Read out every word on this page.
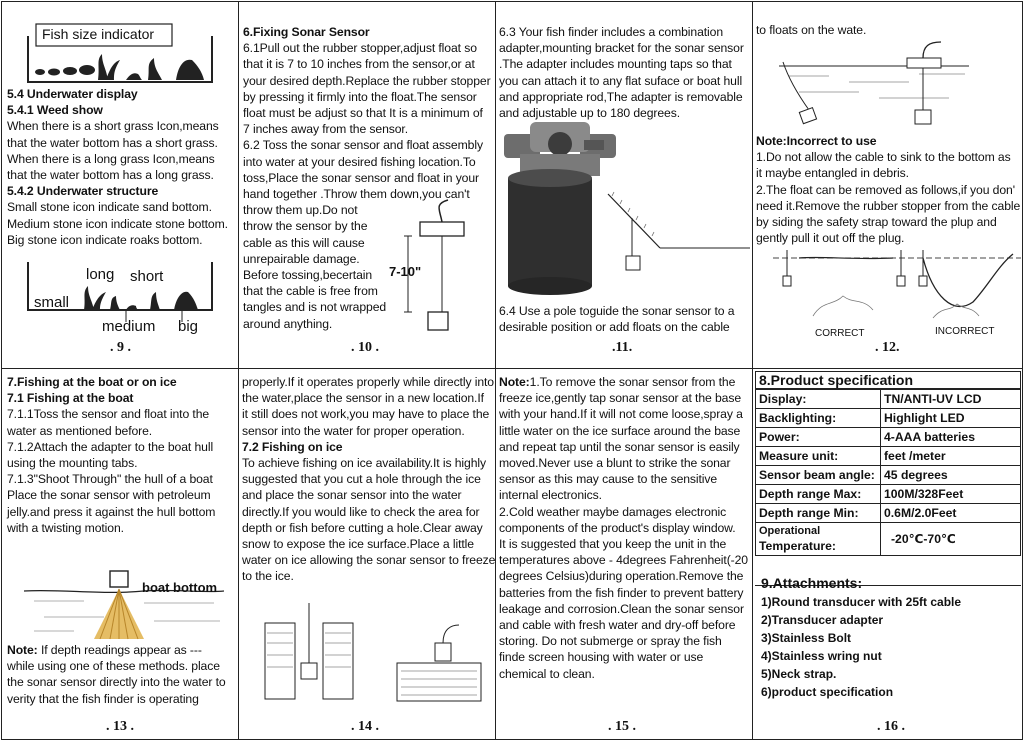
Fish size indicator
5.4 Underwater display
5.4.1 Weed show
When there is a short grass Icon,means
that the water bottom has a short grass.
When there is a long grass Icon,means
that the water bottom has a long grass.
5.4.2 Underwater structure
Small stone icon indicate sand bottom.
Medium stone icon indicate stone bottom.
Big stone icon indicate roaks bottom.
long short
small
medium big
. 9 .
6.Fixing Sonar Sensor
6.1Pull out the rubber stopper,adjust float so
that it is 7 to 10 inches from the sensor,or at
your desired depth.Replace the rubber stopper
by pressing it firmly into the float.The sensor
float must be adjust so that It is a minimum of
7 inches away from the sensor.
6.2 Toss the sonar sensor and float assembly
into water at your desired fishing location.To
toss,Place the sonar sensor and float in your
hand together .Throw them down,you can't
throw them up.Do not
throw the sensor by the
cable as this will cause
unrepairable damage.
Before tossing,becertain
that the cable is free from
tangles and is not wrapped
around anything.
7-10"
. 10 .
6.3 Your fish finder includes a combination
adapter,mounting bracket for the sonar sensor
.The adapter includes mounting taps so that
you can attach it to any flat suface or boat hull
and appropriate rod,The adapter is removable
and adjustable up to 180 degrees.
6.4 Use a pole toguide the sonar sensor to a
desirable position or add floats on the cable
.11.
to floats on the wate.
Note:Incorrect to use
1.Do not allow the cable to sink to the bottom as
it maybe entangled in debris.
2.The float can be removed as follows,if you don'
need it.Remove the rubber stopper from the cable
by siding the safety strap toward the plup and
gently pull it out off the plug.
CORRECT	INCORRECT
. 12.
7.Fishing at the boat or on ice
7.1 Fishing at the boat
7.1.1Toss the sensor and float into the
water as mentioned before.
7.1.2Attach the adapter to the boat hull
using the mounting tabs.
7.1.3"Shoot Through" the hull of a boat
Place the sonar sensor with petroleum
jelly.and press it against the hull bottom
with a twisting motion.
boat bottom
Note: If depth readings appear as ---
while using one of these methods. place
the sonar sensor directly into the water to
verity that the fish finder is operating
. 13 .
properly.If it operates properly while directly into
the water,place the sensor in a new location.If
it still does not work,you may have to place the
sensor into the water for proper operation.
7.2 Fishing on ice
To achieve fishing on ice availability.It is highly
suggested that you cut a hole through the ice
and place the sonar sensor into the water
directly.If you would like to check the area for
depth or fish before cutting a hole.Clear away
snow to expose the ice surface.Place a little
water on ice allowing the sonar sensor to freeze
to the ice.
. 14 .
Note:1.To remove the sonar sensor from the
freeze ice,gently tap sonar sensor at the base
with your hand.If it will not come loose,spray a
little water on the ice surface around the base
and repeat tap until the sonar sensor is easily
moved.Never use a blunt to strike the sonar
sensor as this may cause to the sensitive
internal electronics.
2.Cold weather maybe damages electronic
components of the product's display window.
It is suggested that you keep the unit in the
temperatures above - 4degrees Fahrenheit(-20
degrees Celsius)during operation.Remove the
batteries from the fish finder to prevent battery
leakage and corrosion.Clean the sonar sensor
and cable with fresh water and dry-off before
storing. Do not submerge or spray the fish
finde screen housing with water or use
chemical to clean.
. 15 .
8.Product specification
Display:	TN/ANTI-UV LCD
Backlighting:	Highlight LED
Power:	4-AAA batteries
Measure unit:	feet /meter
Sensor beam angle:	45 degrees
Depth range Max:	100M/328Feet
Depth range Min:	0.6M/2.0Feet

Operational
Temperature:	-20℃-70℃
9.Attachments:
1)Round transducer with 25ft cable
2)Transducer adapter
3)Stainless Bolt
4)Stainless wring nut
5)Neck strap.
6)product specification
. 16 .
